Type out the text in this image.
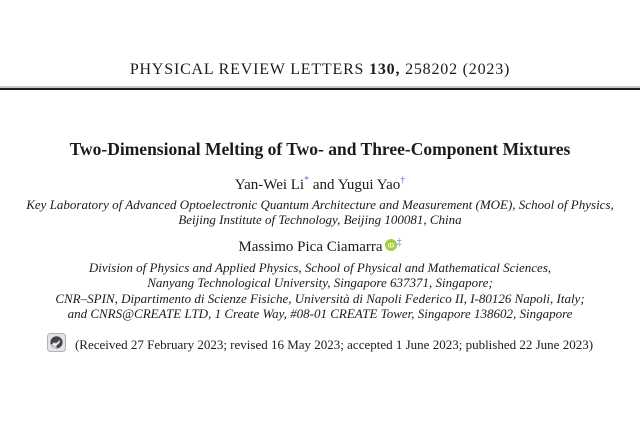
PHYSICAL REVIEW LETTERS 130, 258202 (2023)
Two-Dimensional Melting of Two- and Three-Component Mixtures
Yan-Wei Li* and Yugui Yao†
Key Laboratory of Advanced Optoelectronic Quantum Architecture and Measurement (MOE), School of Physics,
Beijing Institute of Technology, Beijing 100081, China
Massimo Pica Ciamarra iD ‡
Division of Physics and Applied Physics, School of Physical and Mathematical Sciences,
Nanyang Technological University, Singapore 637371, Singapore;
CNR–SPIN, Dipartimento di Scienze Fisiche, Università di Napoli Federico II, I-80126 Napoli, Italy;
and CNRS@CREATE LTD, 1 Create Way, #08-01 CREATE Tower, Singapore 138602, Singapore
(Received 27 February 2023; revised 16 May 2023; accepted 1 June 2023; published 22 June 2023)
